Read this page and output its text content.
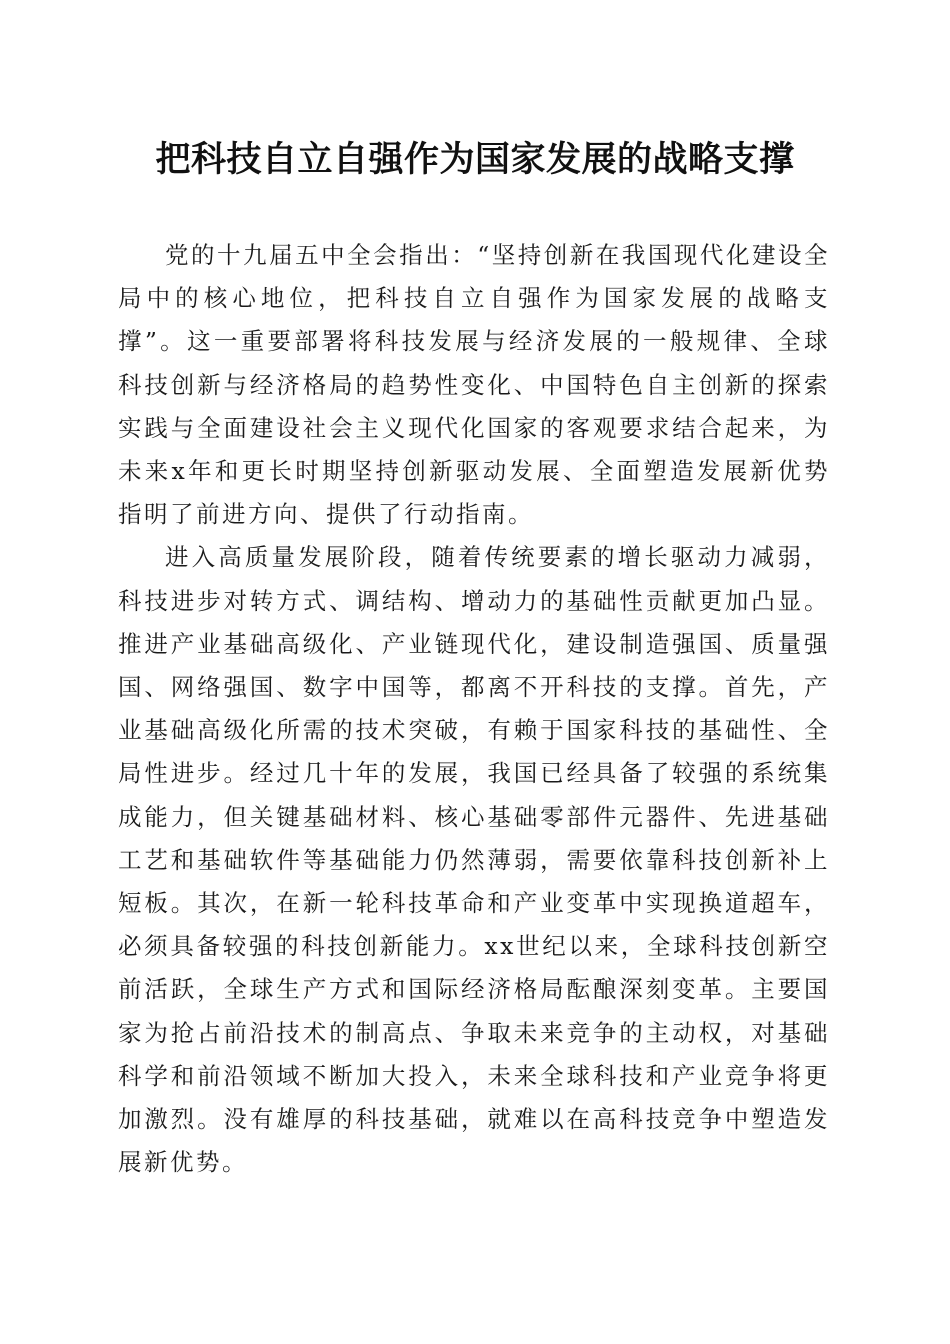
把科技自立自强作为国家发展的战略支撑

党的十九届五中全会指出：“坚持创新在我国现代化建设全局中的核心地位，把科技自立自强作为国家发展的战略支撑”。这一重要部署将科技发展与经济发展的一般规律、全球科技创新与经济格局的趋势性变化、中国特色自主创新的探索实践与全面建设社会主义现代化国家的客观要求结合起来，为未来x年和更长时期坚持创新驱动发展、全面塑造发展新优势指明了前进方向、提供了行动指南。

进入高质量发展阶段，随着传统要素的增长驱动力减弱，科技进步对转方式、调结构、增动力的基础性贡献更加凸显。推进产业基础高级化、产业链现代化，建设制造强国、质量强国、网络强国、数字中国等，都离不开科技的支撑。首先，产业基础高级化所需的技术突破，有赖于国家科技的基础性、全局性进步。经过几十年的发展，我国已经具备了较强的系统集成能力，但关键基础材料、核心基础零部件元器件、先进基础工艺和基础软件等基础能力仍然薄弱，需要依靠科技创新补上短板。其次，在新一轮科技革命和产业变革中实现换道超车，必须具备较强的科技创新能力。xx世纪以来，全球科技创新空前活跃，全球生产方式和国际经济格局酝酿深刻变革。主要国家为抢占前沿技术的制高点、争取未来竞争的主动权，对基础科学和前沿领域不断加大投入，未来全球科技和产业竞争将更加激烈。没有雄厚的科技基础，就难以在高科技竞争中塑造发展新优势。
